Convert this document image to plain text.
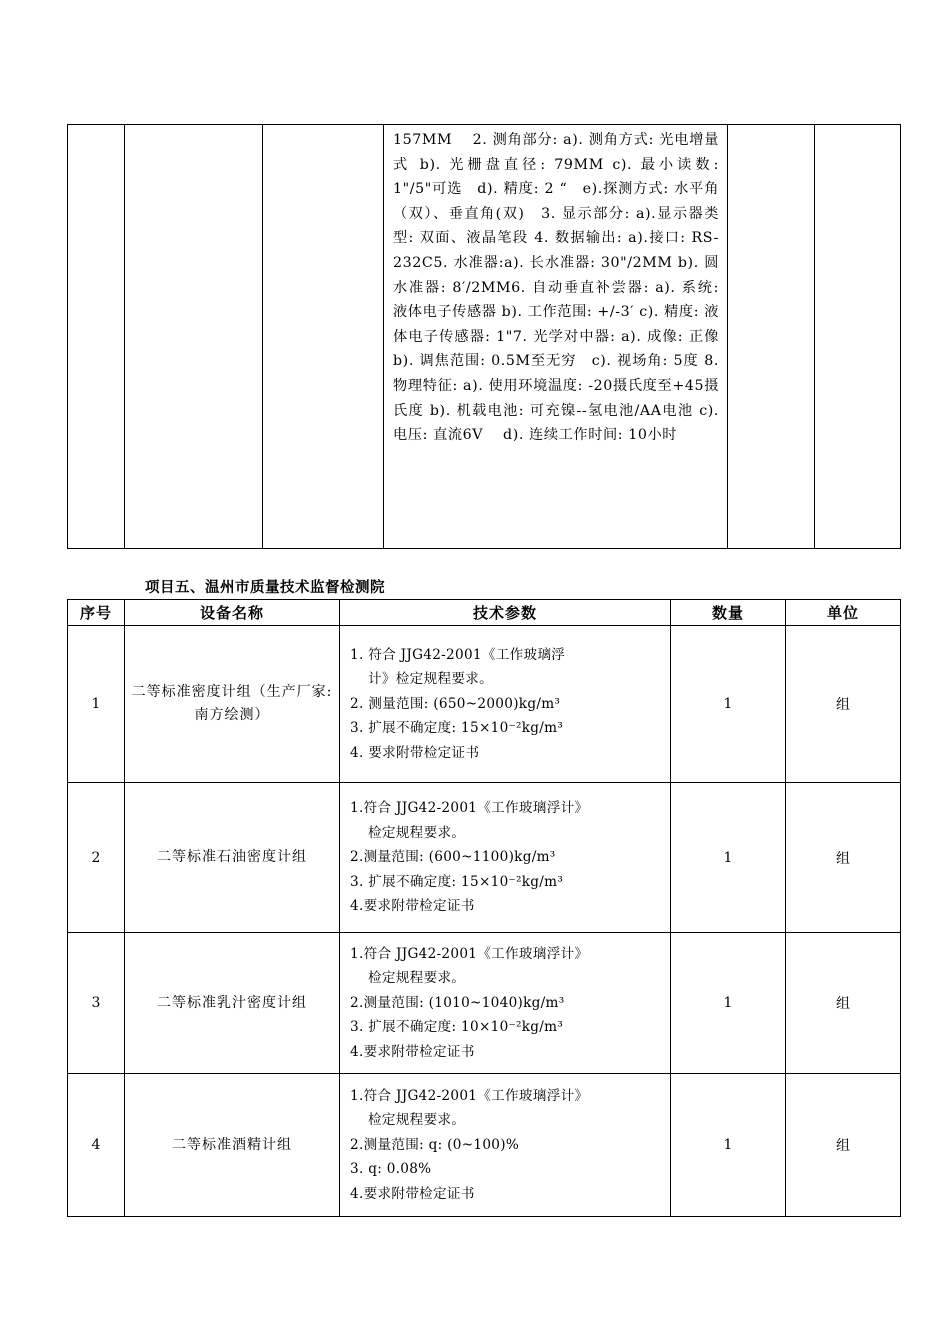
157MM　 2. 测角部分: a). 测角方式: 光电增量式 b). 光栅盘直径: 79MM c). 最小读数: 1"/5"可选　d). 精度: 2 “　e).探测方式: 水平角（双）、垂直角(双)　3. 显示部分: a).显示器类型: 双面、液晶笔段 4. 数据输出: a).接口: RS-232C5. 水准器:a). 长水准器: 30"/2MM b). 圆水准器: 8′/2MM6. 自动垂直补尝器: a). 系统: 液体电子传感器 b). 工作范围: +/-3′ c). 精度: 液体电子传感器: 1"7. 光学对中器: a). 成像: 正像 b). 调焦范围: 0.5M至无穷　c). 视场角: 5度 8. 物理特征: a). 使用环境温度: -20摄氏度至+45摄氏度 b). 机载电池: 可充镍--氢电池/AA电池 c). 电压: 直流6V　 d). 连续工作时间: 10小时

项目五、温州市质量技术监督检测院
序号	设备名称	技术参数	数量	单位
1	二等标准密度计组（生产厂家: 南方绘测）	1. 符合 JJG42-2001《工作玻璃浮
计》检定规程要求。
2. 测量范围: (650~2000)kg/m³
3. 扩展不确定度: 15×10⁻²kg/m³
4. 要求附带检定证书	1	组
2	二等标准石油密度计组	1.符合 JJG42-2001《工作玻璃浮计》
检定规程要求。
2.测量范围: (600~1100)kg/m³
3. 扩展不确定度: 15×10⁻²kg/m³
4.要求附带检定证书	1	组
3	二等标准乳汁密度计组	1.符合 JJG42-2001《工作玻璃浮计》
检定规程要求。
2.测量范围: (1010~1040)kg/m³
3. 扩展不确定度: 10×10⁻²kg/m³
4.要求附带检定证书	1	组
4	二等标准酒精计组	1.符合 JJG42-2001《工作玻璃浮计》
检定规程要求。
2.测量范围: q: (0~100)%
3. q: 0.08%
4.要求附带检定证书	1	组
